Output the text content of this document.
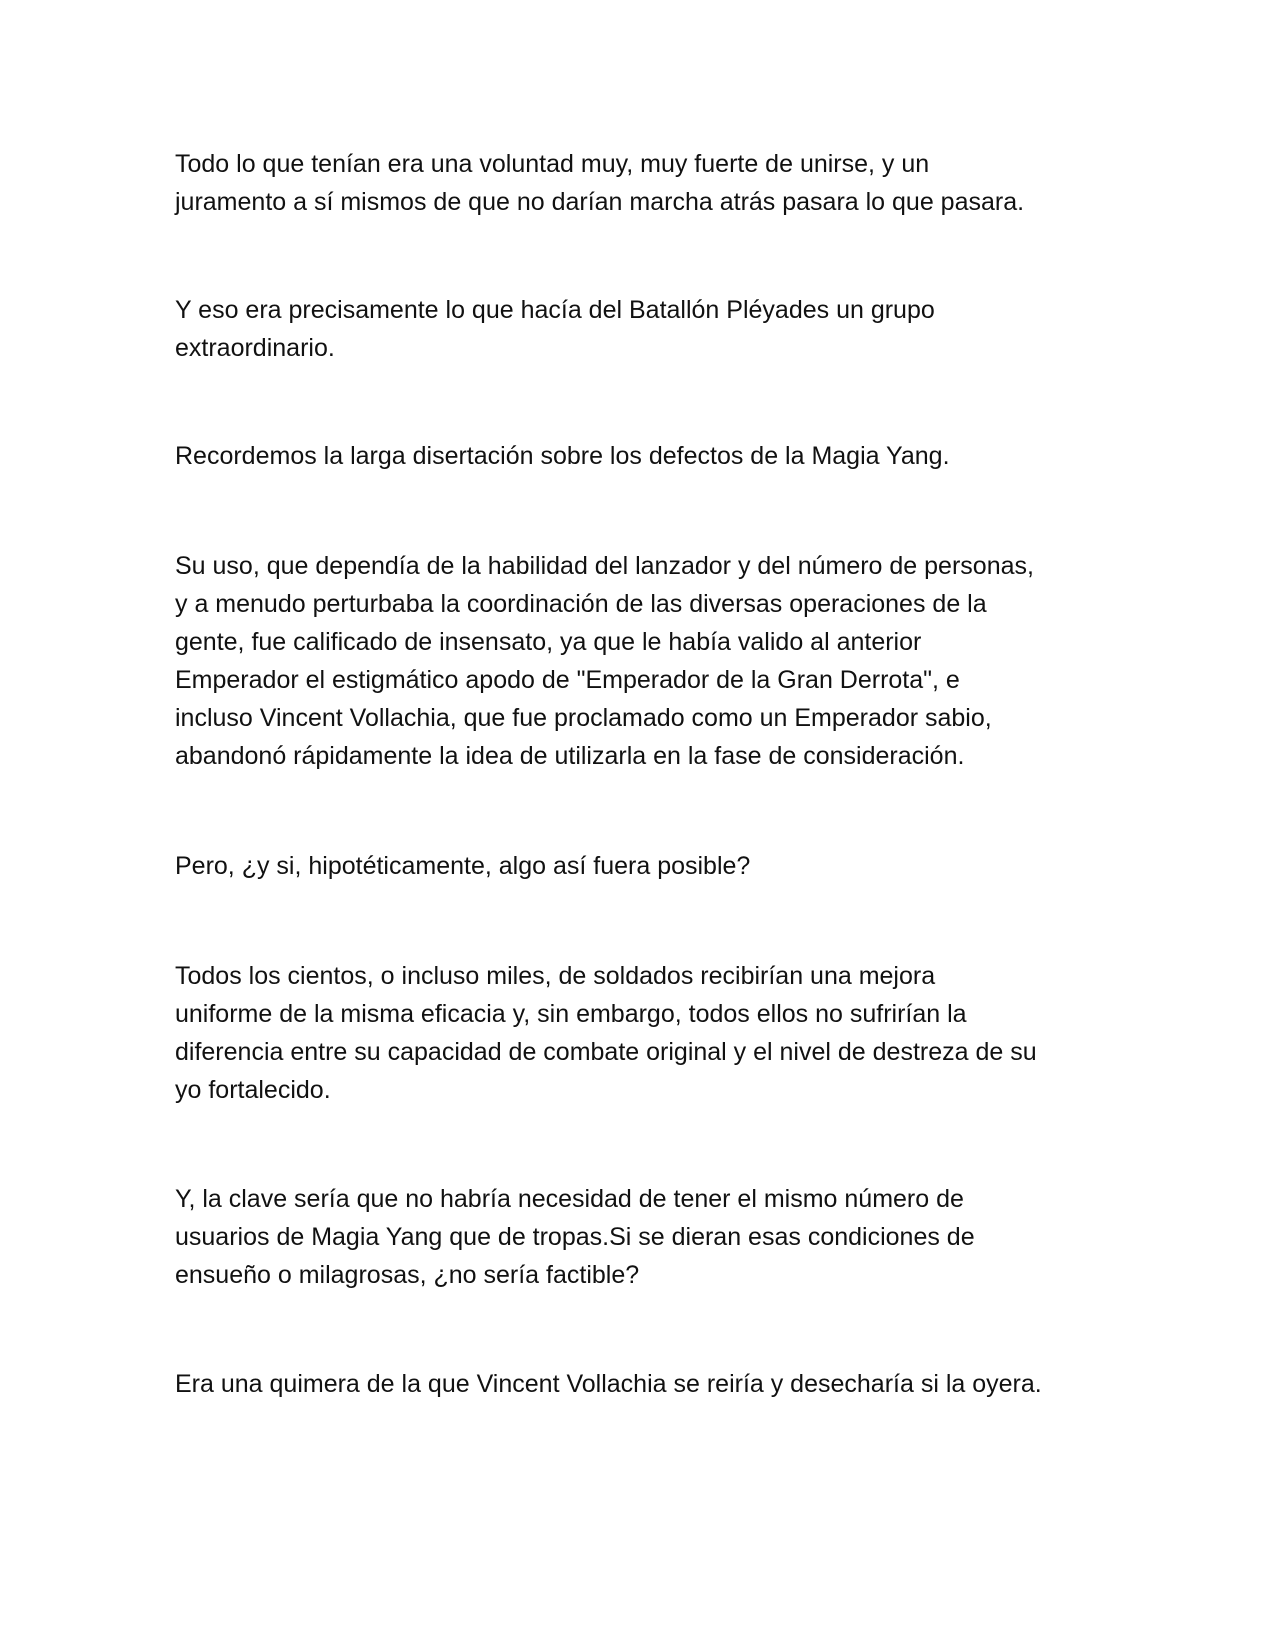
Todo lo que tenían era una voluntad muy, muy fuerte de unirse, y un
juramento a sí mismos de que no darían marcha atrás pasara lo que pasara.

Y eso era precisamente lo que hacía del Batallón Pléyades un grupo
extraordinario.

Recordemos la larga disertación sobre los defectos de la Magia Yang.

Su uso, que dependía de la habilidad del lanzador y del número de personas,
y a menudo perturbaba la coordinación de las diversas operaciones de la
gente, fue calificado de insensato, ya que le había valido al anterior
Emperador el estigmático apodo de "Emperador de la Gran Derrota", e
incluso Vincent Vollachia, que fue proclamado como un Emperador sabio,
abandonó rápidamente la idea de utilizarla en la fase de consideración.

Pero, ¿y si, hipotéticamente, algo así fuera posible?

Todos los cientos, o incluso miles, de soldados recibirían una mejora
uniforme de la misma eficacia y, sin embargo, todos ellos no sufrirían la
diferencia entre su capacidad de combate original y el nivel de destreza de su
yo fortalecido.

Y, la clave sería que no habría necesidad de tener el mismo número de
usuarios de Magia Yang que de tropas.Si se dieran esas condiciones de
ensueño o milagrosas, ¿no sería factible?

Era una quimera de la que Vincent Vollachia se reiría y desecharía si la oyera.
